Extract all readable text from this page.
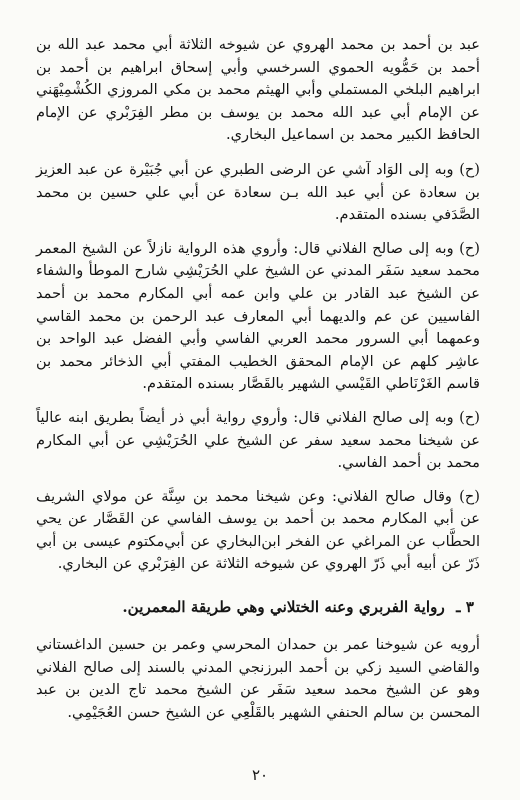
عبد بن أحمد بن محمد الهروي عن شيوخه الثلاثة أبي محمد عبد الله بن أحمد بن حَمُّويه الحموي السرخسي وأبي إسحاق ابراهيم بن أحمد بن ابراهيم البلخي المستملي وأبي الهيثم محمد بن مكي المروزي الكُشْمِيْهَني عن الإمام أبي عبد الله محمد بن يوسف بن مطر الفِرَبْري عن الإمام الحافظ الكبير محمد بن اسماعيل البخاري.

(ح) وبه إلى الوَاد آشي عن الرضى الطبري عن أبي جُبَيْرة عن عبد العزيز بن سعادة عن أبي عبد الله بـن سعادة عن أبي علي حسين بن محمد الصَّدَفي بسنده المتقدم.

(ح) وبه إلى صالح الفلاني قال: وأروي هذه الرواية نازلاً عن الشيخ المعمر محمد سعيد سَفَر المدني عن الشيخ علي الحُرَيْشِي شارح الموطأ والشفاء عن الشيخ عبد القادر بن علي وابن عمه أبي المكارم محمد بن أحمد الفاسيين عن عم والديهما أبي المعارف عبد الرحمن بن محمد القاسي وعمهما أبي السرور محمد العربي الفاسي وأبي الفضل عبد الواحد بن عاشِر كلهم عن الإمام المحقق الخطيب المفتي أبي الذخائر محمد بن قاسم الغَرْنَاطي القَيْسي الشهير بالقَصَّار بسنده المتقدم.

(ح) وبه إلى صالح الفلاني قال: وأروي رواية أبي ذر أيضاً بطريق ابنه عالياً عن شيخنا محمد سعيد سفر عن الشيخ علي الحُرَيْشِي عن أبي المكارم محمد بن أحمد الفاسي.

(ح) وقال صالح الفلاني: وعن شيخنا محمد بن سِنَّة عن مولاي الشريف عن أبي المكارم محمد بن أحمد بن يوسف الفاسي عن القَصَّار عن يحي الحطَّاب عن المراغي عن الفخر ابن‌البخاري عن أبي‌مكتوم عيسى بن أبي ذَرّ عن أبيه أبي ذَرّ الهروي عن شيوخه الثلاثة عن الفِرَبْري عن البخاري.

٣ ـ رواية الفربري وعنه الختلاني وهي طريقة المعمرين.

أرويه عن شيوخنا عمر بن حمدان المحرسي وعمر بن حسين الداغستاني والقاضي السيد زكي بن أحمد البرزنجي المدني بالسند إلى صالح الفلاني وهو عن الشيخ محمد سعيد سَفَر عن الشيخ محمد تاج الدين بن عبد المحسن بن سالم الحنفي الشهير بالقَلْعِي عن الشيخ حسن العُجَيْمِي.

٢٠
